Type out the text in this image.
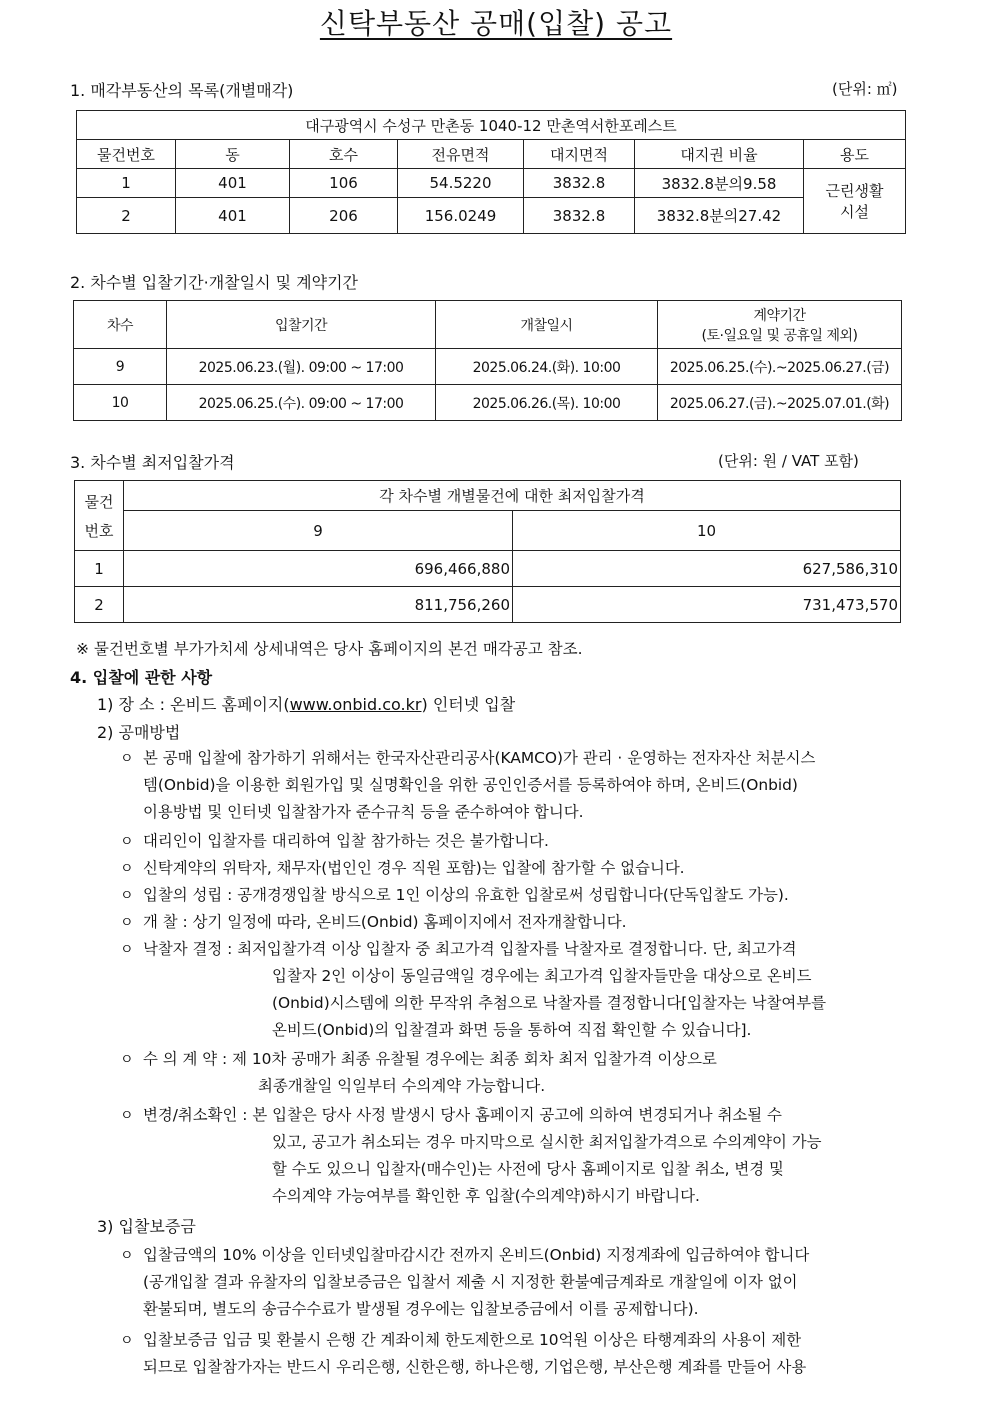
신탁부동산 공매(입찰) 공고
1. 매각부동산의 목록(개별매각)	(단위: ㎡)
대구광역시 수성구 만촌동 1040-12 만촌역서한포레스트						
물건번호	동	호수	전유면적	대지면적	대지권 비율	용도
1	401	106	54.5220	3832.8	3832.8분의9.58	근린생활
시설

2	401	206	156.0249	3832.8	3832.8분의27.42	
2. 차수별 입찰기간·개찰일시 및 계약기간
차수	입찰기간	개찰일시	계약기간
(토·일요일 및 공휴일 제외)

9	2025.06.23.(월). 09:00 ~ 17:00	2025.06.24.(화). 10:00	2025.06.25.(수).~2025.06.27.(금)
10	2025.06.25.(수). 09:00 ~ 17:00	2025.06.26.(목). 10:00	2025.06.27.(금).~2025.07.01.(화)
3. 차수별 최저입찰가격	(단위: 원 / VAT 포함)
물건
번호	각 차수별 개별물건에 대한 최저입찰가격	
	9	10
1	696,466,880	627,586,310
2	811,756,260	731,473,570
※ 물건번호별 부가가치세 상세내역은 당사 홈페이지의 본건 매각공고 참조.
4. 입찰에 관한 사항
1) 장 소 : 온비드 홈페이지(www.onbid.co.kr) 인터넷 입찰
2) 공매방법
ㅇ 본 공매 입찰에 참가하기 위해서는 한국자산관리공사(KAMCO)가 관리 · 운영하는 전자자산 처분시스
템(Onbid)을 이용한 회원가입 및 실명확인을 위한 공인인증서를 등록하여야 하며, 온비드(Onbid)
이용방법 및 인터넷 입찰참가자 준수규칙 등을 준수하여야 합니다.
ㅇ 대리인이 입찰자를 대리하여 입찰 참가하는 것은 불가합니다.
ㅇ 신탁계약의 위탁자, 채무자(법인인 경우 직원 포함)는 입찰에 참가할 수 없습니다.
ㅇ 입찰의 성립 : 공개경쟁입찰 방식으로 1인 이상의 유효한 입찰로써 성립합니다(단독입찰도 가능).
ㅇ 개 찰 : 상기 일정에 따라, 온비드(Onbid) 홈페이지에서 전자개찰합니다.
ㅇ 낙찰자 결정 : 최저입찰가격 이상 입찰자 중 최고가격 입찰자를 낙찰자로 결정합니다. 단, 최고가격
입찰자 2인 이상이 동일금액일 경우에는 최고가격 입찰자들만을 대상으로 온비드
(Onbid)시스템에 의한 무작위 추첨으로 낙찰자를 결정합니다[입찰자는 낙찰여부를
온비드(Onbid)의 입찰결과 화면 등을 통하여 직접 확인할 수 있습니다].
ㅇ 수 의 계 약 : 제 10차 공매가 최종 유찰될 경우에는 최종 회차 최저 입찰가격 이상으로
최종개찰일 익일부터 수의계약 가능합니다.
ㅇ 변경/취소확인 : 본 입찰은 당사 사정 발생시 당사 홈페이지 공고에 의하여 변경되거나 취소될 수
있고, 공고가 취소되는 경우 마지막으로 실시한 최저입찰가격으로 수의계약이 가능
할 수도 있으니 입찰자(매수인)는 사전에 당사 홈페이지로 입찰 취소, 변경 및
수의계약 가능여부를 확인한 후 입찰(수의계약)하시기 바랍니다.
3) 입찰보증금
ㅇ 입찰금액의 10% 이상을 인터넷입찰마감시간 전까지 온비드(Onbid) 지정계좌에 입금하여야 합니다
(공개입찰 결과 유찰자의 입찰보증금은 입찰서 제출 시 지정한 환불예금계좌로 개찰일에 이자 없이
환불되며, 별도의 송금수수료가 발생될 경우에는 입찰보증금에서 이를 공제합니다).
ㅇ 입찰보증금 입금 및 환불시 은행 간 계좌이체 한도제한으로 10억원 이상은 타행계좌의 사용이 제한
되므로 입찰참가자는 반드시 우리은행, 신한은행, 하나은행, 기업은행, 부산은행 계좌를 만들어 사용
